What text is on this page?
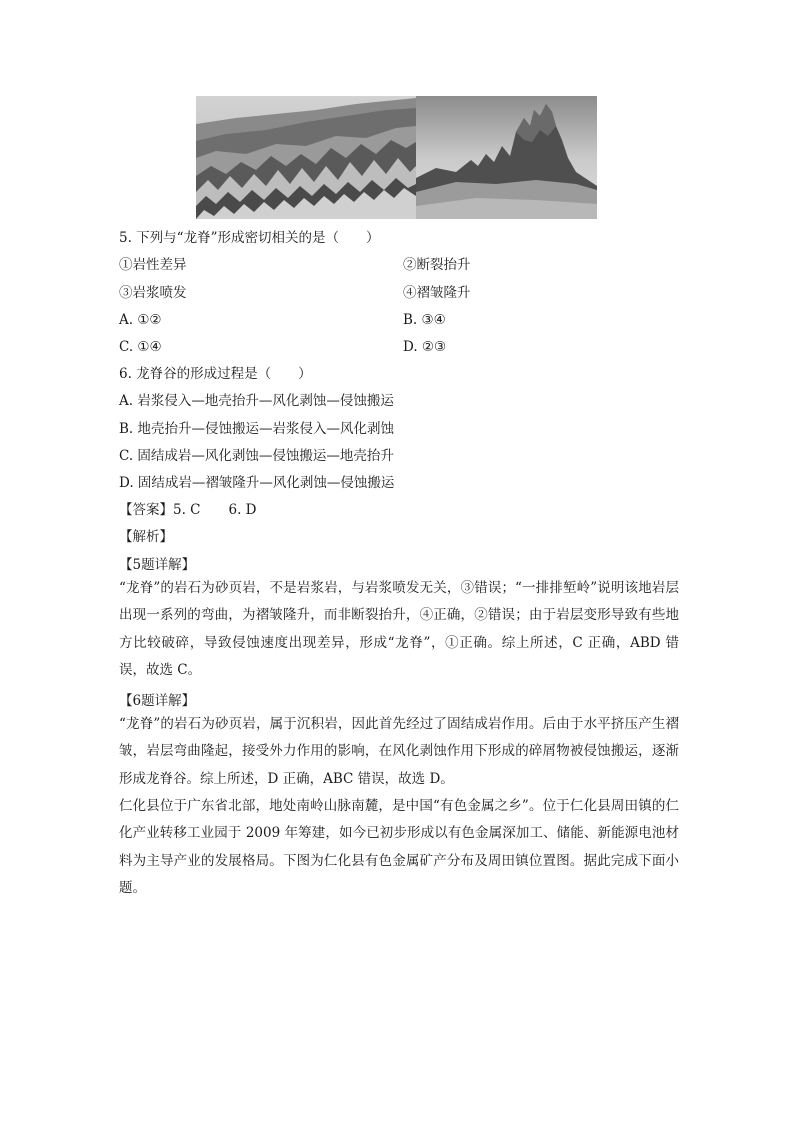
5. 下列与“龙脊”形成密切相关的是（　　）
①岩性差异	②断裂抬升
③岩浆喷发	④褶皱隆升
A. ①②	B. ③④
C. ①④	D. ②③
6. 龙脊谷的形成过程是（　　）
A. 岩浆侵入—地壳抬升—风化剥蚀—侵蚀搬运
B. 地壳抬升—侵蚀搬运—岩浆侵入—风化剥蚀
C. 固结成岩—风化剥蚀—侵蚀搬运—地壳抬升
D. 固结成岩—褶皱隆升—风化剥蚀—侵蚀搬运
【答案】5. C 6. D
【解析】
【5题详解】
“龙脊”的岩石为砂页岩，不是岩浆岩，与岩浆喷发无关，③错误；“一排排堑岭”说明该地岩层出现一系列的弯曲，为褶皱隆升，而非断裂抬升，④正确，②错误；由于岩层变形导致有些地方比较破碎，导致侵蚀速度出现差异，形成“龙脊”，①正确。综上所述，C 正确，ABD 错误，故选 C。
【6题详解】
“龙脊”的岩石为砂页岩，属于沉积岩，因此首先经过了固结成岩作用。后由于水平挤压产生褶皱，岩层弯曲隆起，接受外力作用的影响，在风化剥蚀作用下形成的碎屑物被侵蚀搬运，逐渐形成龙脊谷。综上所述，D 正确，ABC 错误，故选 D。
仁化县位于广东省北部，地处南岭山脉南麓，是中国“有色金属之乡”。位于仁化县周田镇的仁化产业转移工业园于 2009 年筹建，如今已初步形成以有色金属深加工、储能、新能源电池材料为主导产业的发展格局。下图为仁化县有色金属矿产分布及周田镇位置图。据此完成下面小题。
